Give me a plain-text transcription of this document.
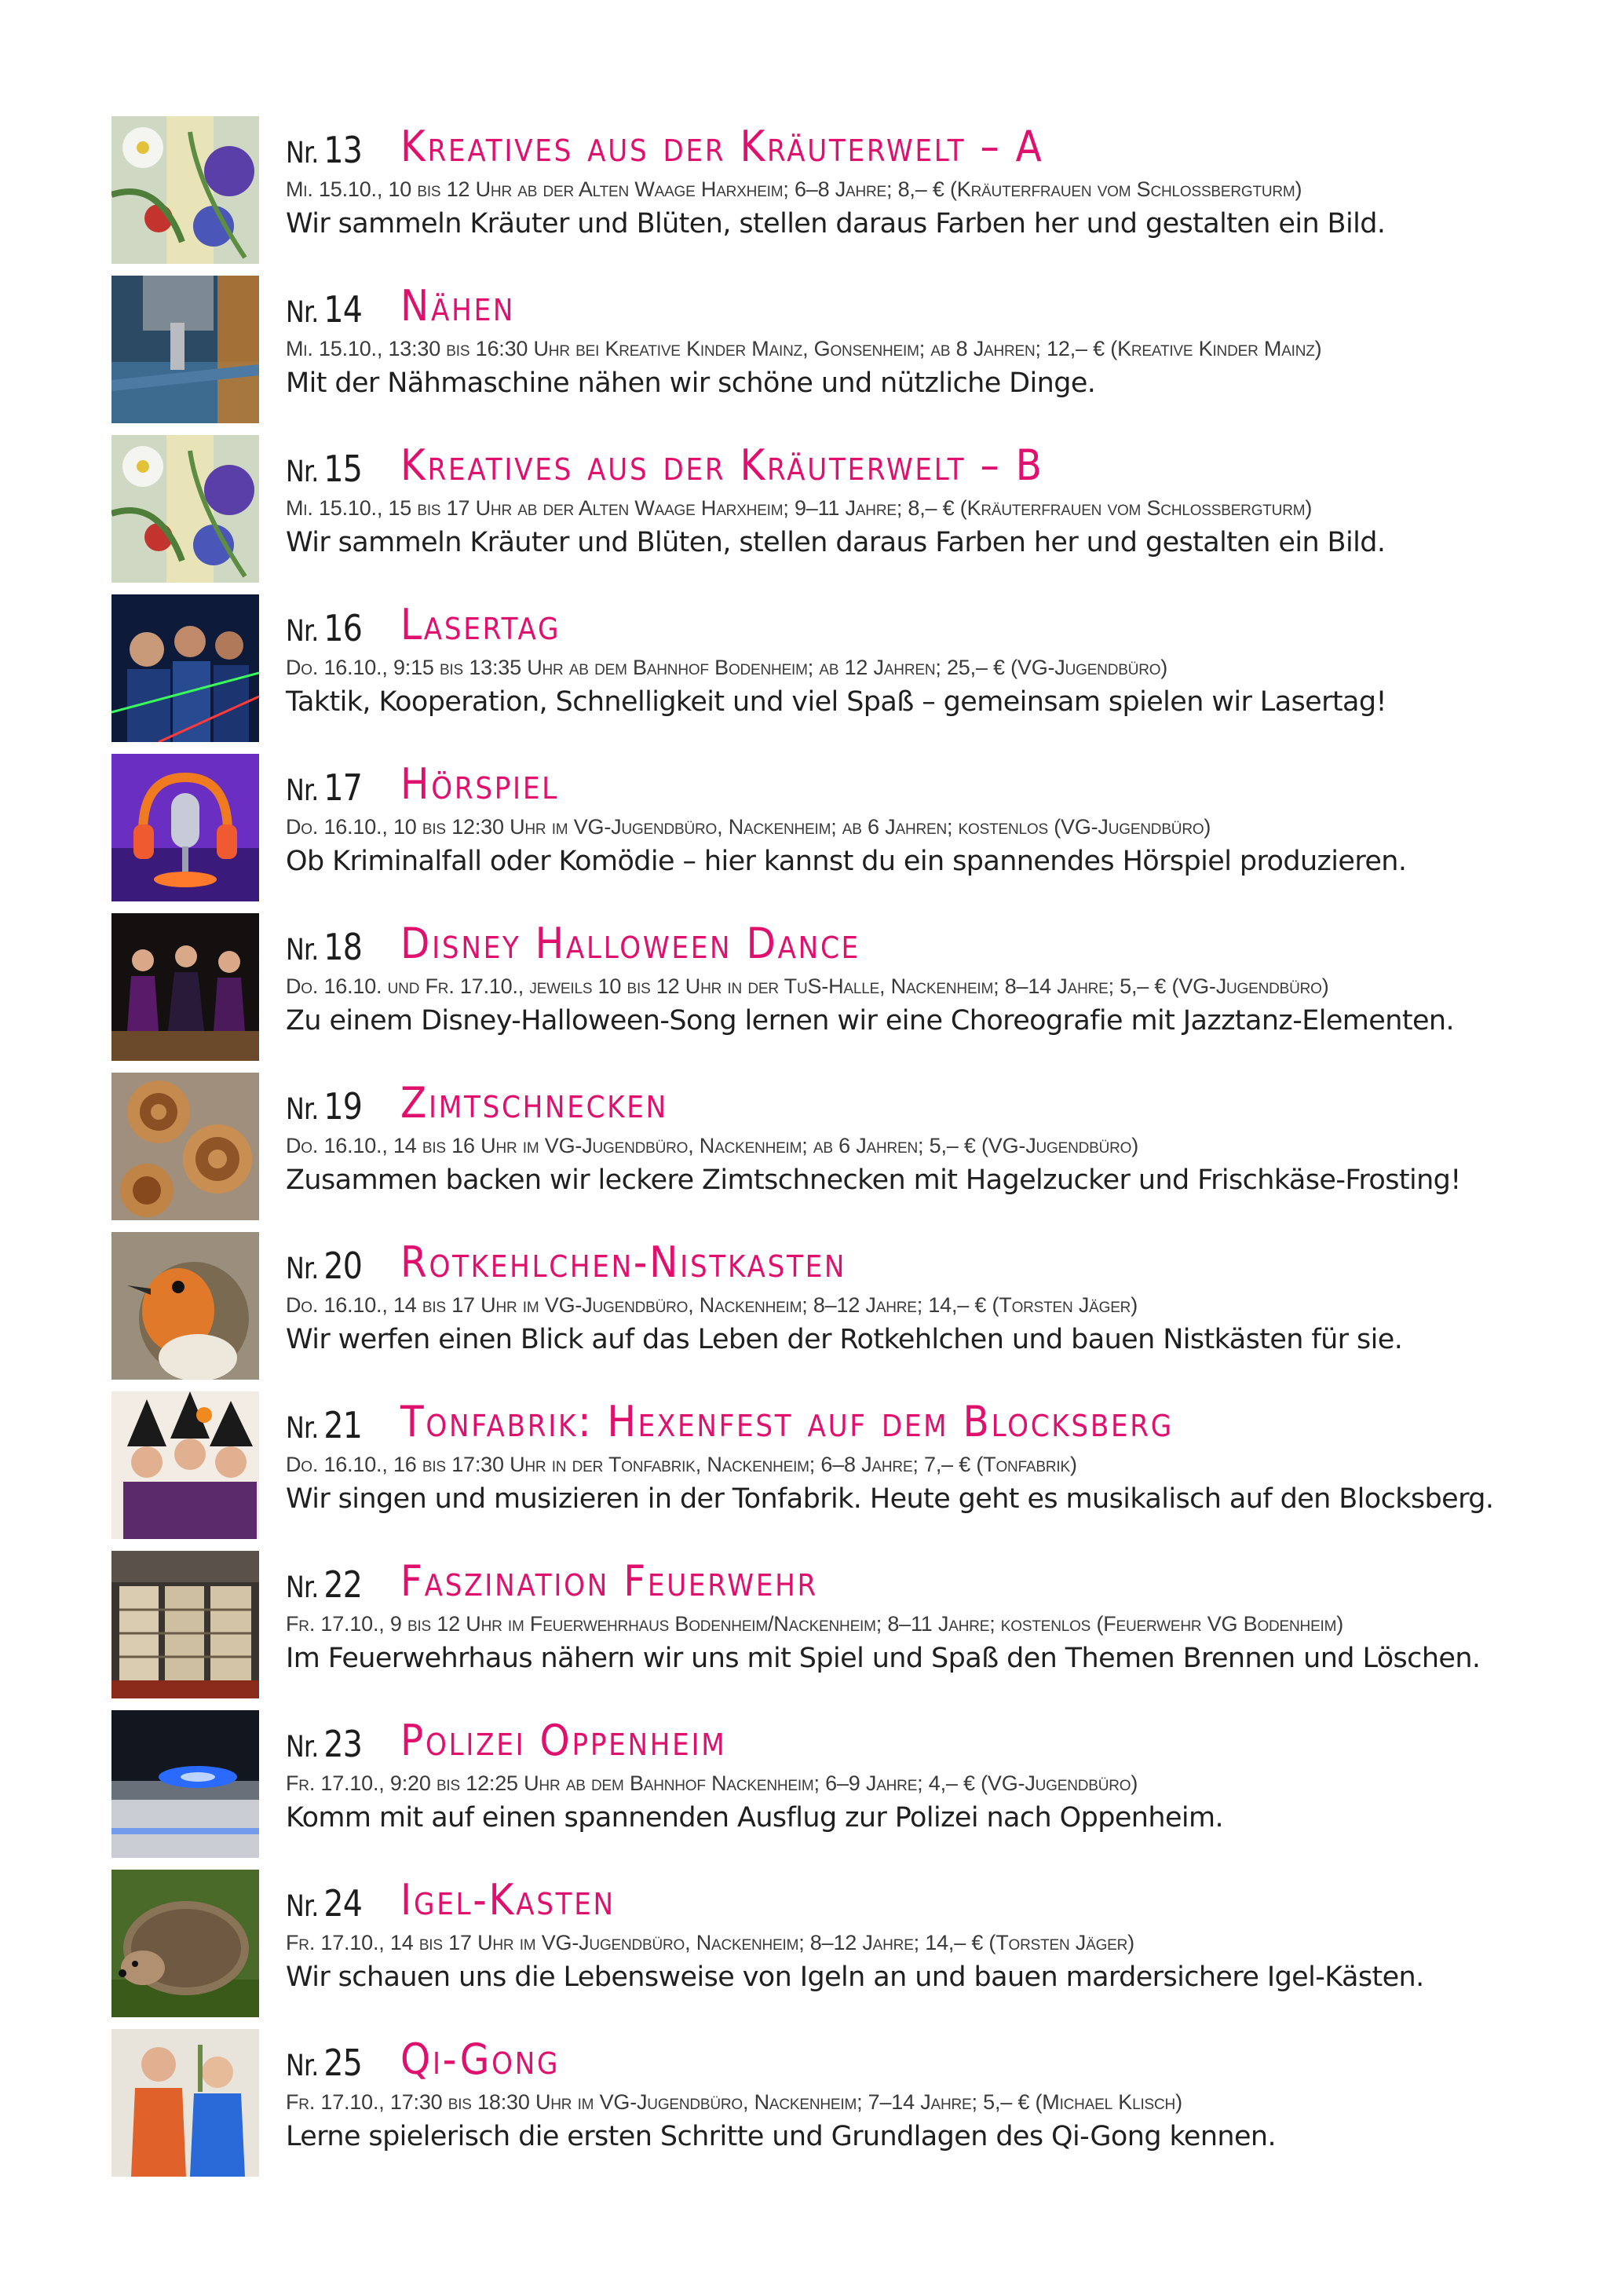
Nr. 13 Kreatives aus der Kräuterwelt – A
Mi. 15.10., 10 bis 12 Uhr ab der Alten Waage Harxheim; 6–8 Jahre; 8,– € (Kräuterfrauen vom Schlossbergturm)
Wir sammeln Kräuter und Blüten, stellen daraus Farben her und gestalten ein Bild.
Nr. 14 Nähen
Mi. 15.10., 13:30 bis 16:30 Uhr bei Kreative Kinder Mainz, Gonsenheim; ab 8 Jahren; 12,– € (Kreative Kinder Mainz)
Mit der Nähmaschine nähen wir schöne und nützliche Dinge.
Nr. 15 Kreatives aus der Kräuterwelt – B
Mi. 15.10., 15 bis 17 Uhr ab der Alten Waage Harxheim; 9–11 Jahre; 8,– € (Kräuterfrauen vom Schlossbergturm)
Wir sammeln Kräuter und Blüten, stellen daraus Farben her und gestalten ein Bild.
Nr. 16 Lasertag
Do. 16.10., 9:15 bis 13:35 Uhr ab dem Bahnhof Bodenheim; ab 12 Jahren; 25,– € (VG-Jugendbüro)
Taktik, Kooperation, Schnelligkeit und viel Spaß – gemeinsam spielen wir Lasertag!
Nr. 17 Hörspiel
Do. 16.10., 10 bis 12:30 Uhr im VG-Jugendbüro, Nackenheim; ab 6 Jahren; kostenlos (VG-Jugendbüro)
Ob Kriminalfall oder Komödie – hier kannst du ein spannendes Hörspiel produzieren.
Nr. 18 Disney Halloween Dance
Do. 16.10. und Fr. 17.10., jeweils 10 bis 12 Uhr in der TuS-Halle, Nackenheim; 8–14 Jahre; 5,– € (VG-Jugendbüro)
Zu einem Disney-Halloween-Song lernen wir eine Choreografie mit Jazztanz-Elementen.
Nr. 19 Zimtschnecken
Do. 16.10., 14 bis 16 Uhr im VG-Jugendbüro, Nackenheim; ab 6 Jahren; 5,– € (VG-Jugendbüro)
Zusammen backen wir leckere Zimtschnecken mit Hagelzucker und Frischkäse-Frosting!
Nr. 20 Rotkehlchen-Nistkasten
Do. 16.10., 14 bis 17 Uhr im VG-Jugendbüro, Nackenheim; 8–12 Jahre; 14,– € (Torsten Jäger)
Wir werfen einen Blick auf das Leben der Rotkehlchen und bauen Nistkästen für sie.
Nr. 21 Tonfabrik: Hexenfest auf dem Blocksberg
Do. 16.10., 16 bis 17:30 Uhr in der Tonfabrik, Nackenheim; 6–8 Jahre; 7,– € (Tonfabrik)
Wir singen und musizieren in der Tonfabrik. Heute geht es musikalisch auf den Blocksberg.
Nr. 22 Faszination Feuerwehr
Fr. 17.10., 9 bis 12 Uhr im Feuerwehrhaus Bodenheim/Nackenheim; 8–11 Jahre; kostenlos (Feuerwehr VG Bodenheim)
Im Feuerwehrhaus nähern wir uns mit Spiel und Spaß den Themen Brennen und Löschen.
Nr. 23 Polizei Oppenheim
Fr. 17.10., 9:20 bis 12:25 Uhr ab dem Bahnhof Nackenheim; 6–9 Jahre; 4,– € (VG-Jugendbüro)
Komm mit auf einen spannenden Ausflug zur Polizei nach Oppenheim.
Nr. 24 Igel-Kasten
Fr. 17.10., 14 bis 17 Uhr im VG-Jugendbüro, Nackenheim; 8–12 Jahre; 14,– € (Torsten Jäger)
Wir schauen uns die Lebensweise von Igeln an und bauen mardersichere Igel-Kästen.
Nr. 25 Qi-Gong
Fr. 17.10., 17:30 bis 18:30 Uhr im VG-Jugendbüro, Nackenheim; 7–14 Jahre; 5,– € (Michael Klisch)
Lerne spielerisch die ersten Schritte und Grundlagen des Qi-Gong kennen.
